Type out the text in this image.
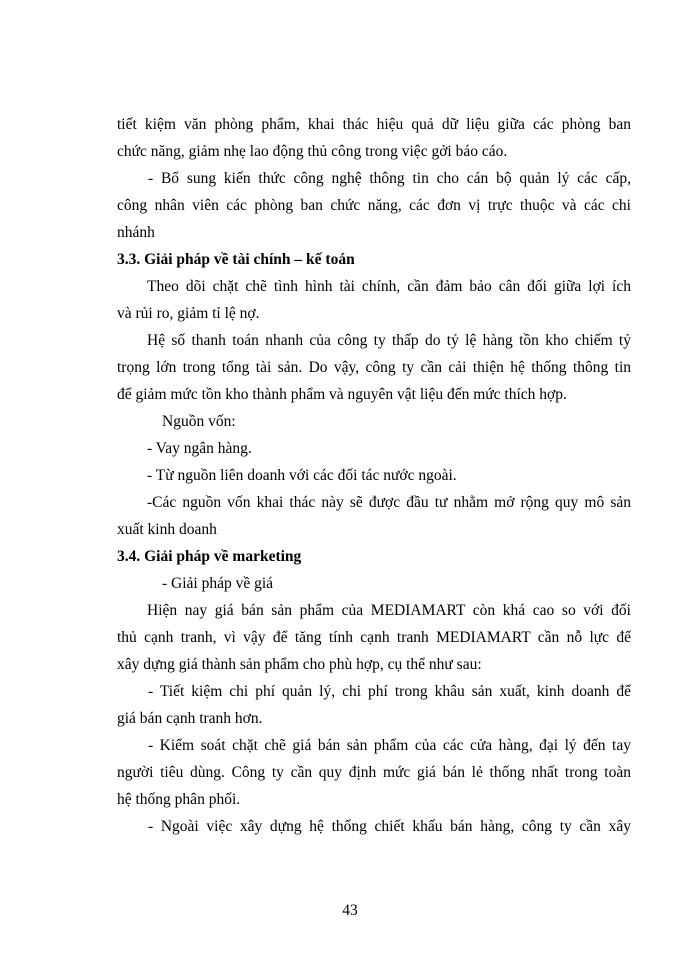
tiết kiệm văn phòng phẩm, khai thác hiệu quả dữ liệu giữa các phòng ban
chức năng, giảm nhẹ lao động thủ công trong việc gởi báo cáo.
- Bổ sung kiến thức công nghệ thông tin cho cán bộ quản lý các cấp,
công nhân viên các phòng ban chức năng, các đơn vị trực thuộc và các chi
nhánh
3.3. Giải pháp về tài chính – kế toán
Theo dõi chặt chẽ tình hình tài chính, cần đảm bảo cân đối giữa lợi ích
và rủi ro, giảm tỉ lệ nợ.
Hệ số thanh toán nhanh của công ty thấp do tỷ lệ hàng tồn kho chiếm tỷ
trọng lớn trong tổng tài sản. Do vậy, công ty cần cải thiện hệ thống thông tin
để giảm mức tồn kho thành phẩm và nguyên vật liệu đến mức thích hợp.
Nguồn vốn:
- Vay ngân hàng.
- Từ nguồn liên doanh với các đối tác nước ngoài.
-Các nguồn vốn khai thác này sẽ được đầu tư nhằm mở rộng quy mô sản
xuất kinh doanh
3.4. Giải pháp về marketing
- Giải pháp về giá
Hiện nay giá bán sản phẩm của MEDIAMART còn khá cao so với đối
thủ cạnh tranh, vì vậy để tăng tính cạnh tranh MEDIAMART cần nỗ lực để
xây dựng giá thành sản phẩm cho phù hợp, cụ thể như sau:
- Tiết kiệm chi phí quản lý, chi phí trong khâu sản xuất, kinh doanh để
giá bán cạnh tranh hơn.
- Kiểm soát chặt chẽ giá bán sản phẩm của các cửa hàng, đại lý đến tay
người tiêu dùng. Công ty cần quy định mức giá bán lẻ thống nhất trong toàn
hệ thống phân phối.
- Ngoài việc xây dựng hệ thống chiết khấu bán hàng, công ty cần xây
43
